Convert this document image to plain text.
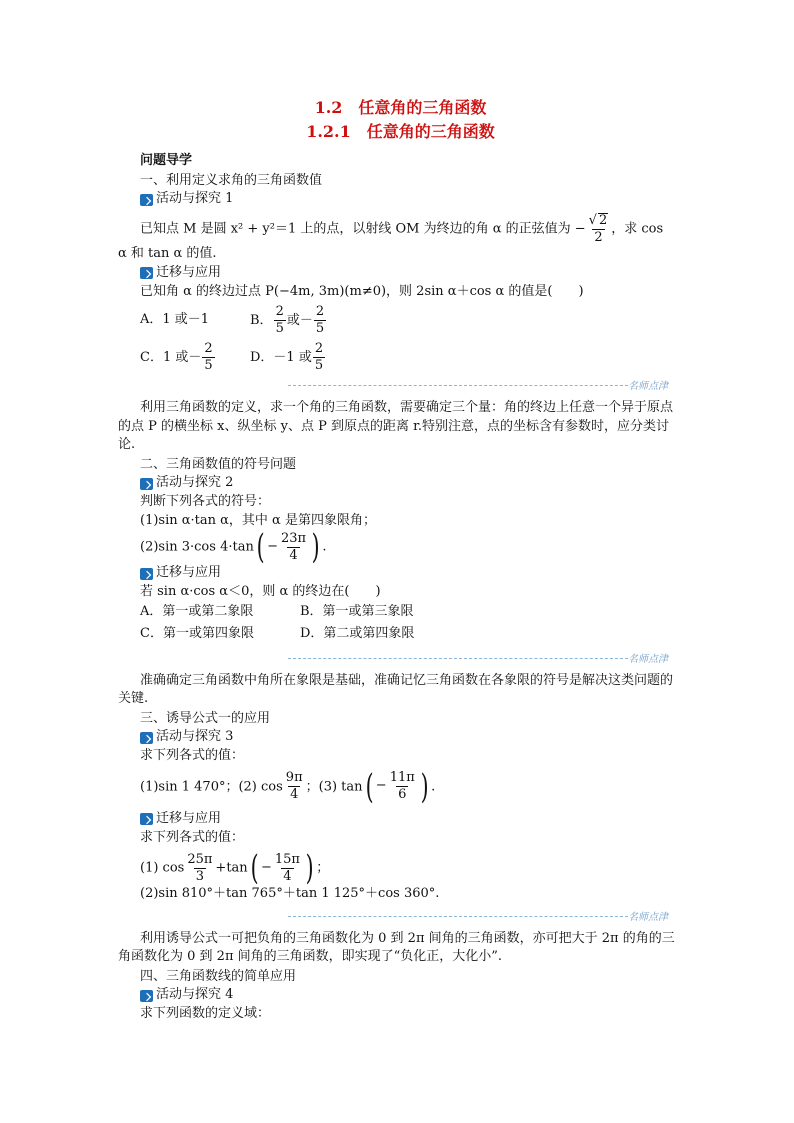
1.2　任意角的三角函数
1.2.1　任意角的三角函数
问题导学
一、利用定义求角的三角函数值
活动与探究 1
已知点 M 是圆 x² + y²＝1 上的点，以射线 OM 为终边的角 α 的正弦值为 − $\frac{√ 2}{2}$ ，求 cos
α 和 tan α 的值.
迁移与应用
已知角 α 的终边过点 P(−4m, 3m)(m≠0)，则 2sin α＋cos α 的值是(　　)
A．1 或－1	B． $\frac{2}{5}$ 或－ $\frac{2}{5}$
C．1 或－ $\frac{2}{5}$	D．－1 或 $\frac{2}{5}$
名师点津
利用三角函数的定义，求一个角的三角函数，需要确定三个量：角的终边上任意一个异于原点的点 P 的横坐标 x、纵坐标 y、点 P 到原点的距离 r.特别注意，点的坐标含有参数时，应分类讨论.
二、三角函数值的符号问题
活动与探究 2
判断下列各式的符号：
(1)sin α·tan α，其中 α 是第四象限角；
(2)sin 3·cos 4·tan ( − $\frac{23\pi}{4}$ ) .
迁移与应用
若 sin α·cos α＜0，则 α 的终边在(　　)
A．第一或第二象限	B．第一或第三象限
C．第一或第四象限	D．第二或第四象限
名师点津
准确确定三角函数中角所在象限是基础，准确记忆三角函数在各象限的符号是解决这类问题的关键.
三、诱导公式一的应用
活动与探究 3
求下列各式的值：
(1)sin 1 470°；(2) $\cos \frac{9\pi}{4}$ ；(3) tan ( − $\frac{11\pi}{6}$ ) .
迁移与应用
求下列各式的值：
(1) $\cos \frac{25\pi}{3} +\tan$ ( − $\frac{15\pi}{4}$ ) ；
(2)sin 810°＋tan 765°＋tan 1 125°＋cos 360°.
名师点津
利用诱导公式一可把负角的三角函数化为 0 到 2π 间角的三角函数，亦可把大于 2π 的角的三角函数化为 0 到 2π 间角的三角函数，即实现了“负化正，大化小”.
四、三角函数线的简单应用
活动与探究 4
求下列函数的定义域：
